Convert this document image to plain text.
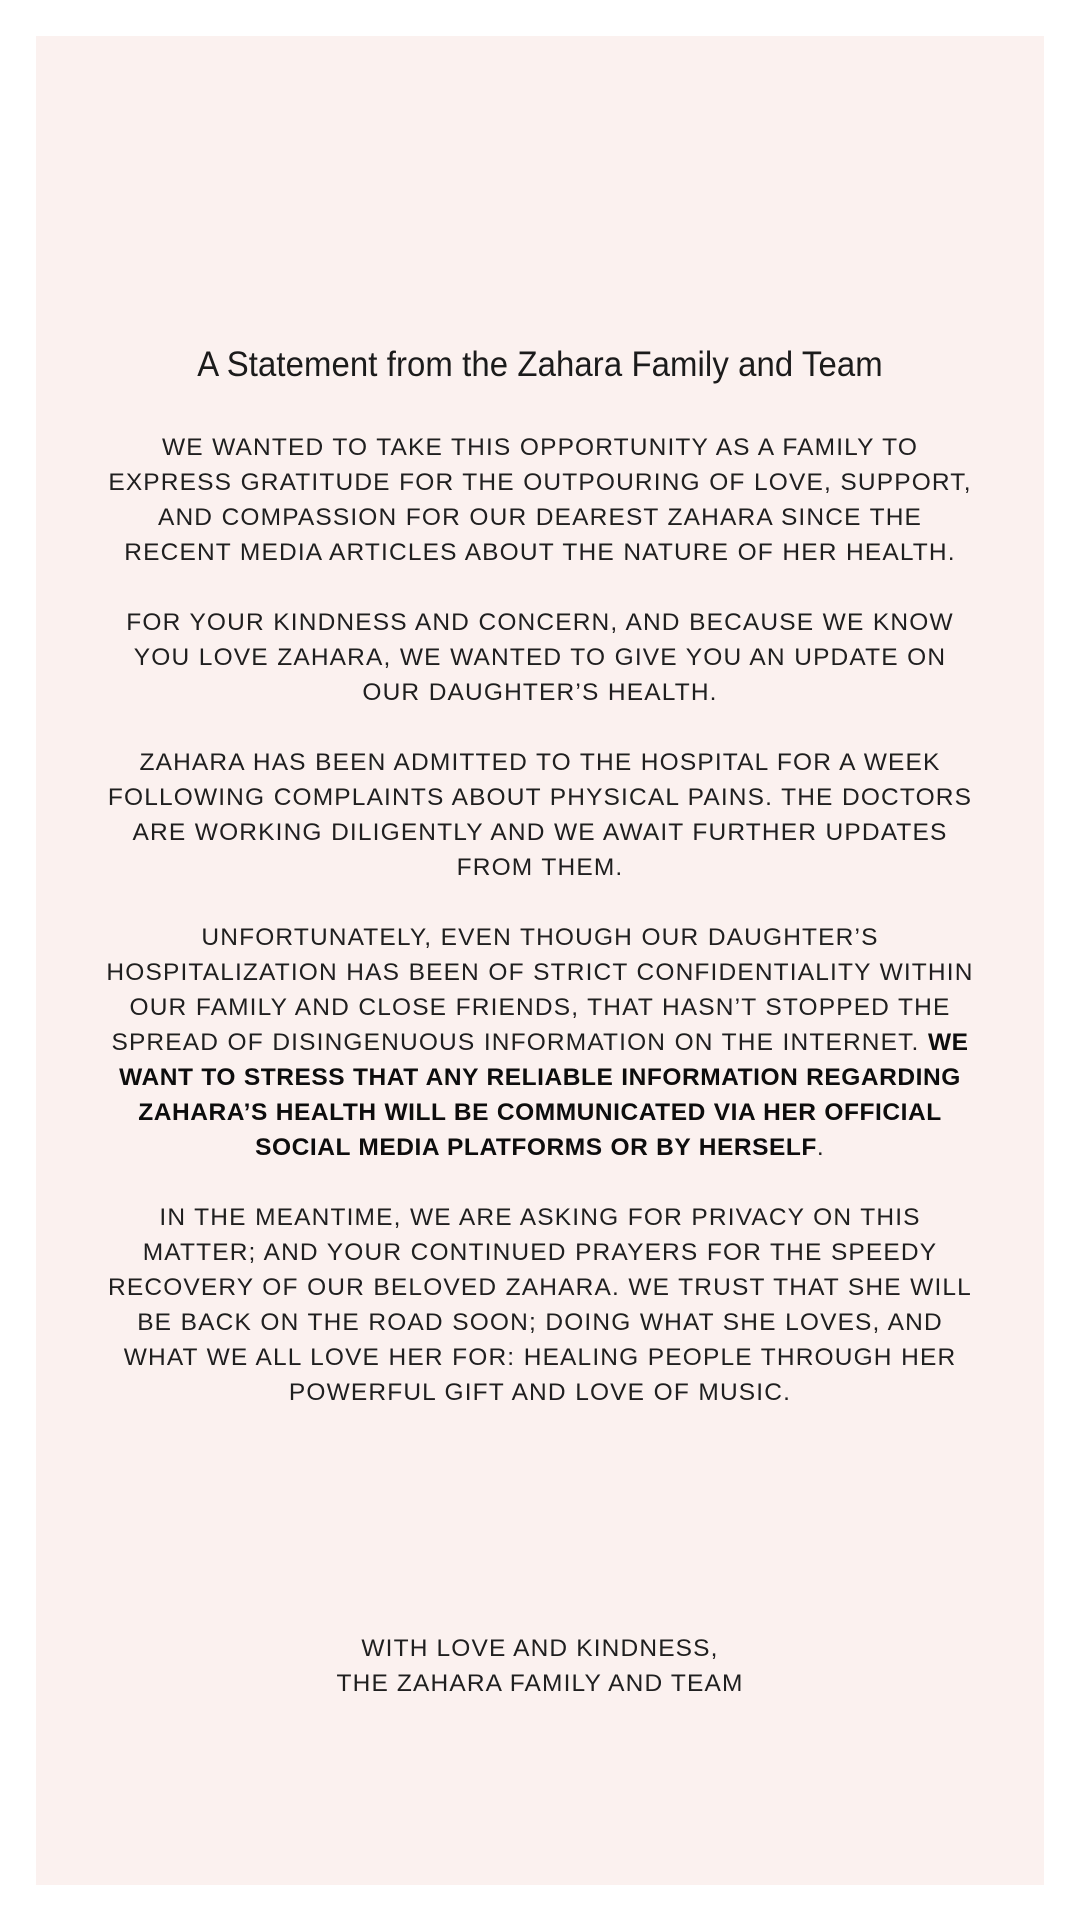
A Statement from the Zahara Family and Team

WE WANTED TO TAKE THIS OPPORTUNITY AS A FAMILY TO EXPRESS GRATITUDE FOR THE OUTPOURING OF LOVE, SUPPORT, AND COMPASSION FOR OUR DEAREST ZAHARA SINCE THE RECENT MEDIA ARTICLES ABOUT THE NATURE OF HER HEALTH.

FOR YOUR KINDNESS AND CONCERN, AND BECAUSE WE KNOW YOU LOVE ZAHARA, WE WANTED TO GIVE YOU AN UPDATE ON OUR DAUGHTER’S HEALTH.

ZAHARA HAS BEEN ADMITTED TO THE HOSPITAL FOR A WEEK FOLLOWING COMPLAINTS ABOUT PHYSICAL PAINS. THE DOCTORS ARE WORKING DILIGENTLY AND WE AWAIT FURTHER UPDATES FROM THEM.

UNFORTUNATELY, EVEN THOUGH OUR DAUGHTER’S HOSPITALIZATION HAS BEEN OF STRICT CONFIDENTIALITY WITHIN OUR FAMILY AND CLOSE FRIENDS, THAT HASN’T STOPPED THE SPREAD OF DISINGENUOUS INFORMATION ON THE INTERNET. WE WANT TO STRESS THAT ANY RELIABLE INFORMATION REGARDING ZAHARA’S HEALTH WILL BE COMMUNICATED VIA HER OFFICIAL SOCIAL MEDIA PLATFORMS OR BY HERSELF.

IN THE MEANTIME, WE ARE ASKING FOR PRIVACY ON THIS MATTER; AND YOUR CONTINUED PRAYERS FOR THE SPEEDY RECOVERY OF OUR BELOVED ZAHARA. WE TRUST THAT SHE WILL BE BACK ON THE ROAD SOON; DOING WHAT SHE LOVES, AND WHAT WE ALL LOVE HER FOR: HEALING PEOPLE THROUGH HER POWERFUL GIFT AND LOVE OF MUSIC.

WITH LOVE AND KINDNESS,
THE ZAHARA FAMILY AND TEAM
